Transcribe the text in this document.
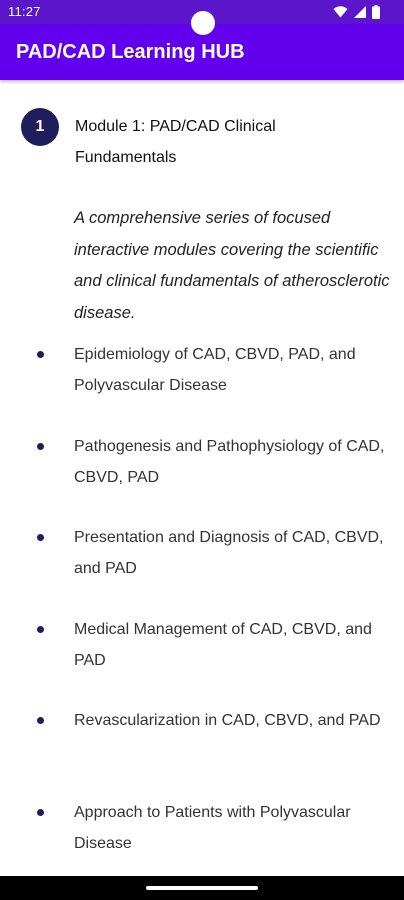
11:27
PAD/CAD Learning HUB
1	Module 1: PAD/CAD Clinical Fundamentals

A comprehensive series of focused interactive modules covering the scientific and clinical fundamentals of atherosclerotic disease.

Epidemiology of CAD, CBVD, PAD, and Polyvascular Disease
Pathogenesis and Pathophysiology of CAD, CBVD, PAD
Presentation and Diagnosis of CAD, CBVD, and PAD
Medical Management of CAD, CBVD, and PAD
Revascularization in CAD, CBVD, and PAD
Approach to Patients with Polyvascular Disease
